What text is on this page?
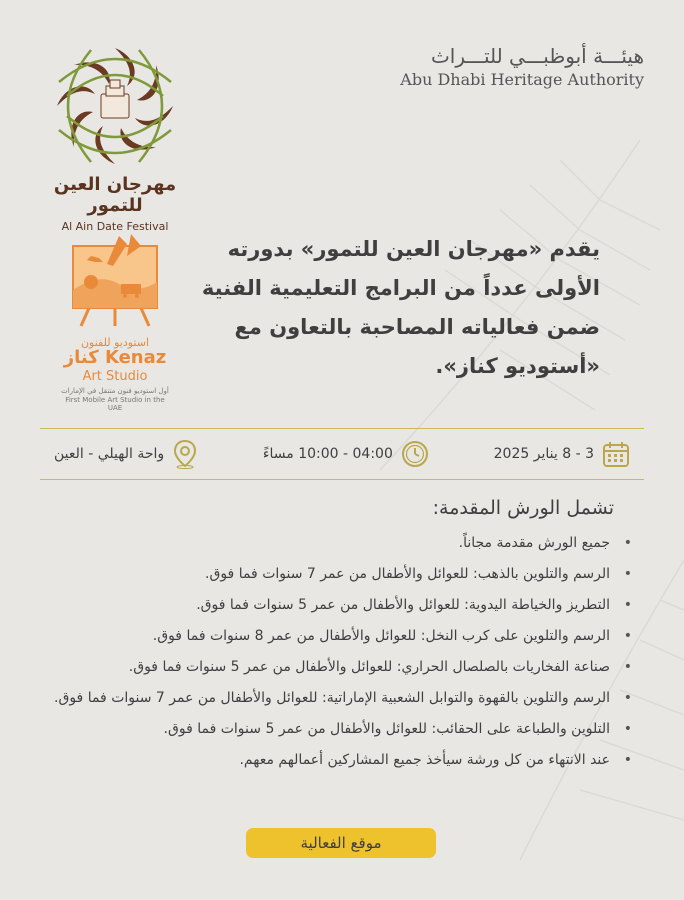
هيئـــة أبوظبـــي للتـــراث
Abu Dhabi Heritage Authority
مهرجان العين للتمور
Al Ain Date Festival
استوديو للفنون
كناز Kenaz
Art Studio
أول استوديو فنون متنقل في الإمارات
First Mobile Art Studio in the UAE
يقدم «مهرجان العين للتمور» بدورته الأولى عدداً من البرامج التعليمية الفنية ضمن فعالياته المصاحبة بالتعاون مع «أستوديو كناز».
3 - 8 يناير 2025
04:00 - 10:00 مساءً
واحة الهيلي - العين
تشمل الورش المقدمة:
• جميع الورش مقدمة مجاناً.
• الرسم والتلوين بالذهب: للعوائل والأطفال من عمر 7 سنوات فما فوق.
• التطريز والخياطة اليدوية: للعوائل والأطفال من عمر 5 سنوات فما فوق.
• الرسم والتلوين على كرب النخل: للعوائل والأطفال من عمر 8 سنوات فما فوق.
• صناعة الفخاريات بالصلصال الحراري: للعوائل والأطفال من عمر 5 سنوات فما فوق.
• الرسم والتلوين بالقهوة والتوابل الشعبية الإماراتية: للعوائل والأطفال من عمر 7 سنوات فما فوق.
• التلوين والطباعة على الحقائب: للعوائل والأطفال من عمر 5 سنوات فما فوق.
• عند الانتهاء من كل ورشة سيأخذ جميع المشاركين أعمالهم معهم.
موقع الفعالية
